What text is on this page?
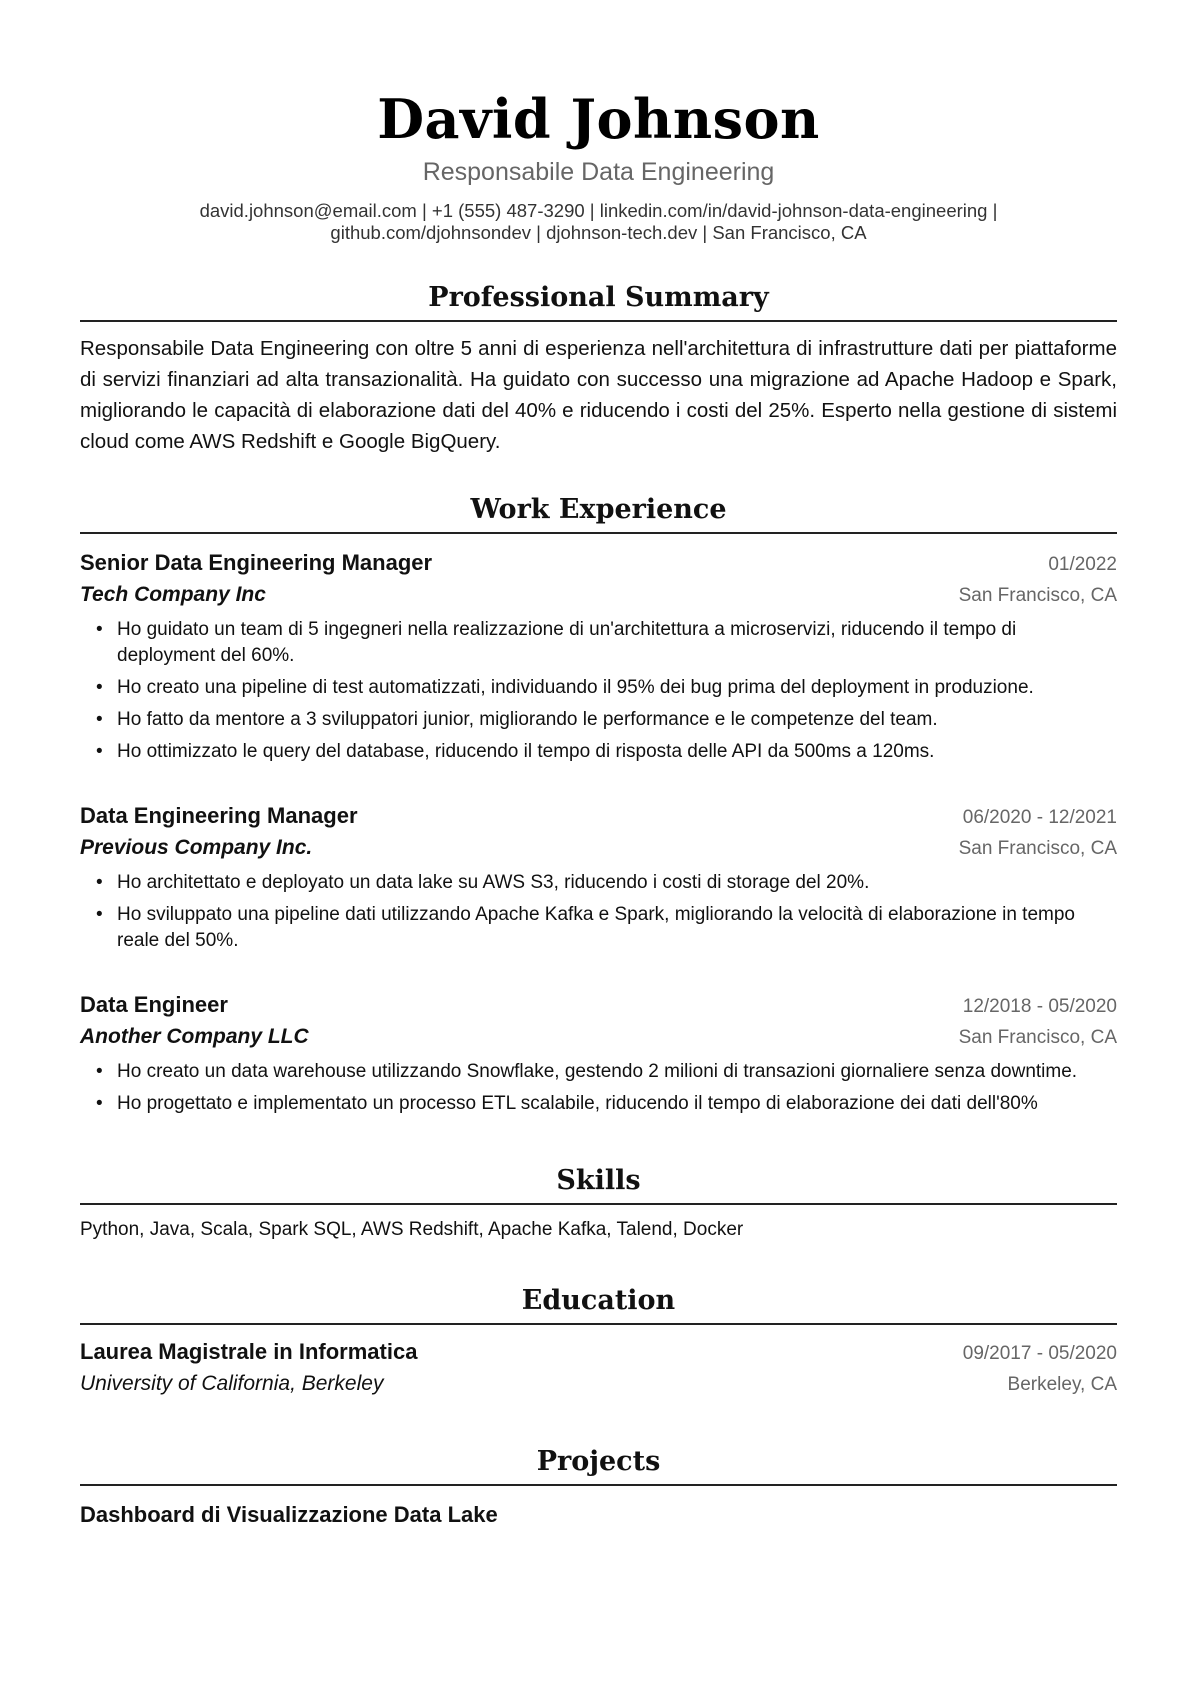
David Johnson
Responsabile Data Engineering
david.johnson@email.com | +1 (555) 487-3290 | linkedin.com/in/david-johnson-data-engineering |
github.com/djohnsondev | djohnson-tech.dev | San Francisco, CA
Professional Summary
Responsabile Data Engineering con oltre 5 anni di esperienza nell'architettura di infrastrutture dati per piattaforme di servizi finanziari ad alta transazionalità. Ha guidato con successo una migrazione ad Apache Hadoop e Spark, migliorando le capacità di elaborazione dati del 40% e riducendo i costi del 25%. Esperto nella gestione di sistemi cloud come AWS Redshift e Google BigQuery.
Work Experience
Senior Data Engineering Manager	01/2022
Tech Company Inc	San Francisco, CA
• Ho guidato un team di 5 ingegneri nella realizzazione di un'architettura a microservizi, riducendo il tempo di deployment del 60%.
• Ho creato una pipeline di test automatizzati, individuando il 95% dei bug prima del deployment in produzione.
• Ho fatto da mentore a 3 sviluppatori junior, migliorando le performance e le competenze del team.
• Ho ottimizzato le query del database, riducendo il tempo di risposta delle API da 500ms a 120ms.
Data Engineering Manager	06/2020 - 12/2021
Previous Company Inc.	San Francisco, CA
• Ho architettato e deployato un data lake su AWS S3, riducendo i costi di storage del 20%.
• Ho sviluppato una pipeline dati utilizzando Apache Kafka e Spark, migliorando la velocità di elaborazione in tempo reale del 50%.
Data Engineer	12/2018 - 05/2020
Another Company LLC	San Francisco, CA
• Ho creato un data warehouse utilizzando Snowflake, gestendo 2 milioni di transazioni giornaliere senza downtime.
• Ho progettato e implementato un processo ETL scalabile, riducendo il tempo di elaborazione dei dati dell'80%
Skills
Python, Java, Scala, Spark SQL, AWS Redshift, Apache Kafka, Talend, Docker
Education
Laurea Magistrale in Informatica	09/2017 - 05/2020
University of California, Berkeley	Berkeley, CA
Projects
Dashboard di Visualizzazione Data Lake
